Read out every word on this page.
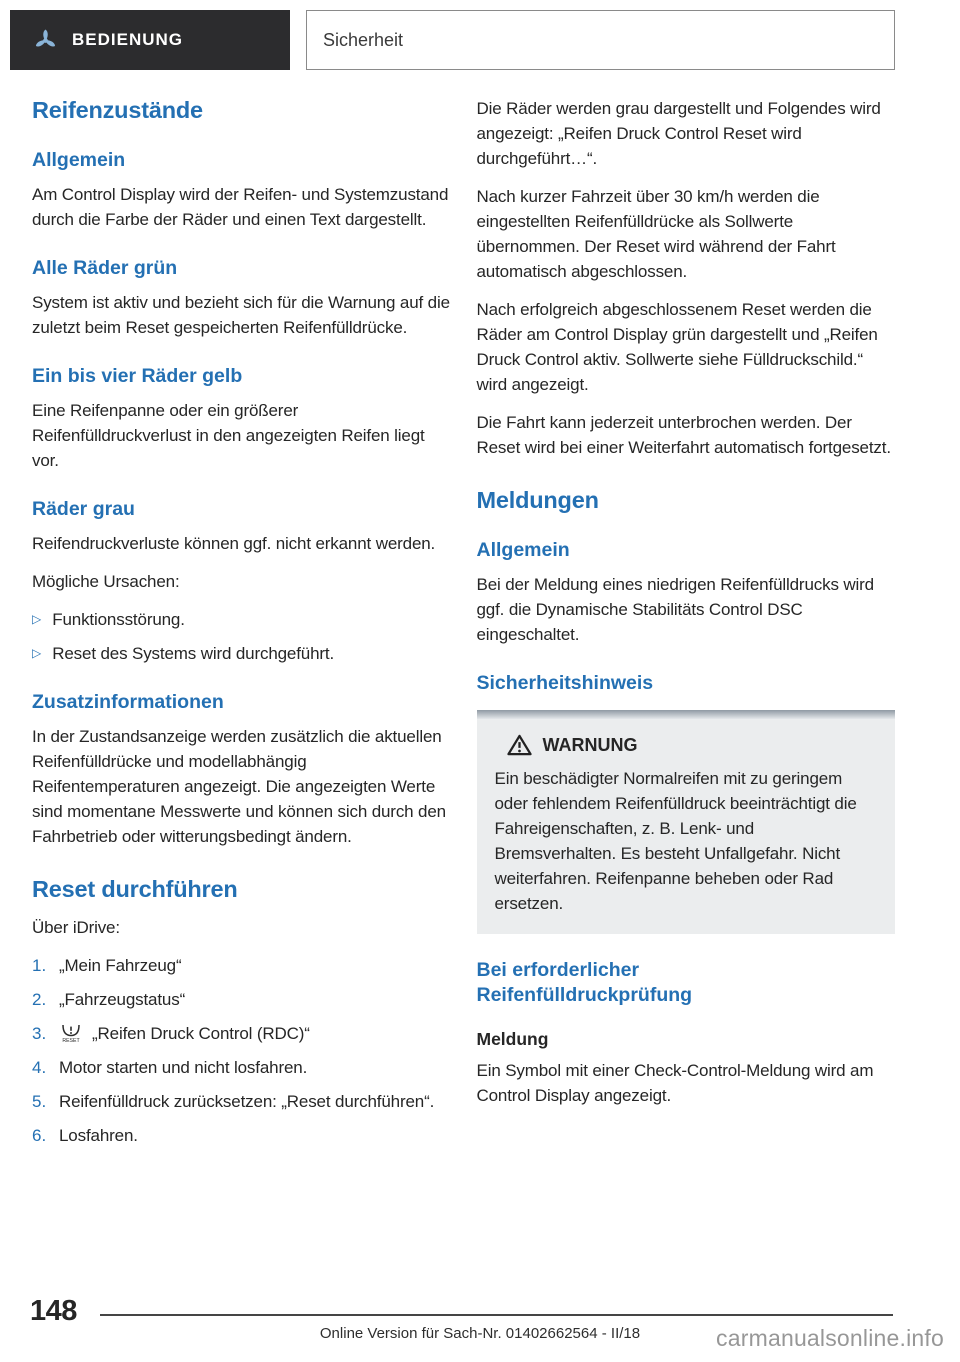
BEDIENUNG	Sicherheit
Reifenzustände
Allgemein

Am Control Display wird der Reifen- und Systemzustand durch die Farbe der Räder und einen Text dargestellt.

Alle Räder grün

System ist aktiv und bezieht sich für die Warnung auf die zuletzt beim Reset gespeicherten Reifenfülldrücke.

Ein bis vier Räder gelb

Eine Reifenpanne oder ein größerer Reifenfülldruckverlust in den angezeigten Reifen liegt vor.

Räder grau

Reifendruckverluste können ggf. nicht erkannt werden.

Mögliche Ursachen:

▷ Funktionsstörung.
▷ Reset des Systems wird durchgeführt.
Zusatzinformationen

In der Zustandsanzeige werden zusätzlich die aktuellen Reifenfülldrücke und modellabhängig Reifentemperaturen angezeigt. Die angezeigten Werte sind momentane Messwerte und können sich durch den Fahrbetrieb oder witterungsbedingt ändern.

Reset durchführen

Über iDrive:

1. „Mein Fahrzeug“
2. „Fahrzeugstatus“
3.	RESET „Reifen Druck Control (RDC)“
4. Motor starten und nicht losfahren.
5. Reifenfülldruck zurücksetzen: „Reset durchführen“.
6. Losfahren.

Die Räder werden grau dargestellt und Folgendes wird angezeigt: „Reifen Druck Control Reset wird durchgeführt…“.

Nach kurzer Fahrzeit über 30 km/h werden die eingestellten Reifenfülldrücke als Sollwerte übernommen. Der Reset wird während der Fahrt automatisch abgeschlossen.

Nach erfolgreich abgeschlossenem Reset werden die Räder am Control Display grün dargestellt und „Reifen Druck Control aktiv. Sollwerte siehe Fülldruckschild.“ wird angezeigt.

Die Fahrt kann jederzeit unterbrochen werden. Der Reset wird bei einer Weiterfahrt automatisch fortgesetzt.

Meldungen
Allgemein

Bei der Meldung eines niedrigen Reifenfülldrucks wird ggf. die Dynamische Stabilitäts Control DSC eingeschaltet.

Sicherheitshinweis
WARNUNG

Ein beschädigter Normalreifen mit zu geringem oder fehlendem Reifenfülldruck beeinträchtigt die Fahreigenschaften, z. B. Lenk- und Bremsverhalten. Es besteht Unfallgefahr. Nicht weiterfahren. Reifenpanne beheben oder Rad ersetzen.

Bei erforderlicher Reifenfülldruckprüfung
Meldung

Ein Symbol mit einer Check-Control-Meldung wird am Control Display angezeigt.

148
Online Version für Sach-Nr. 01402662564 - II/18	carmanualsonline.info
